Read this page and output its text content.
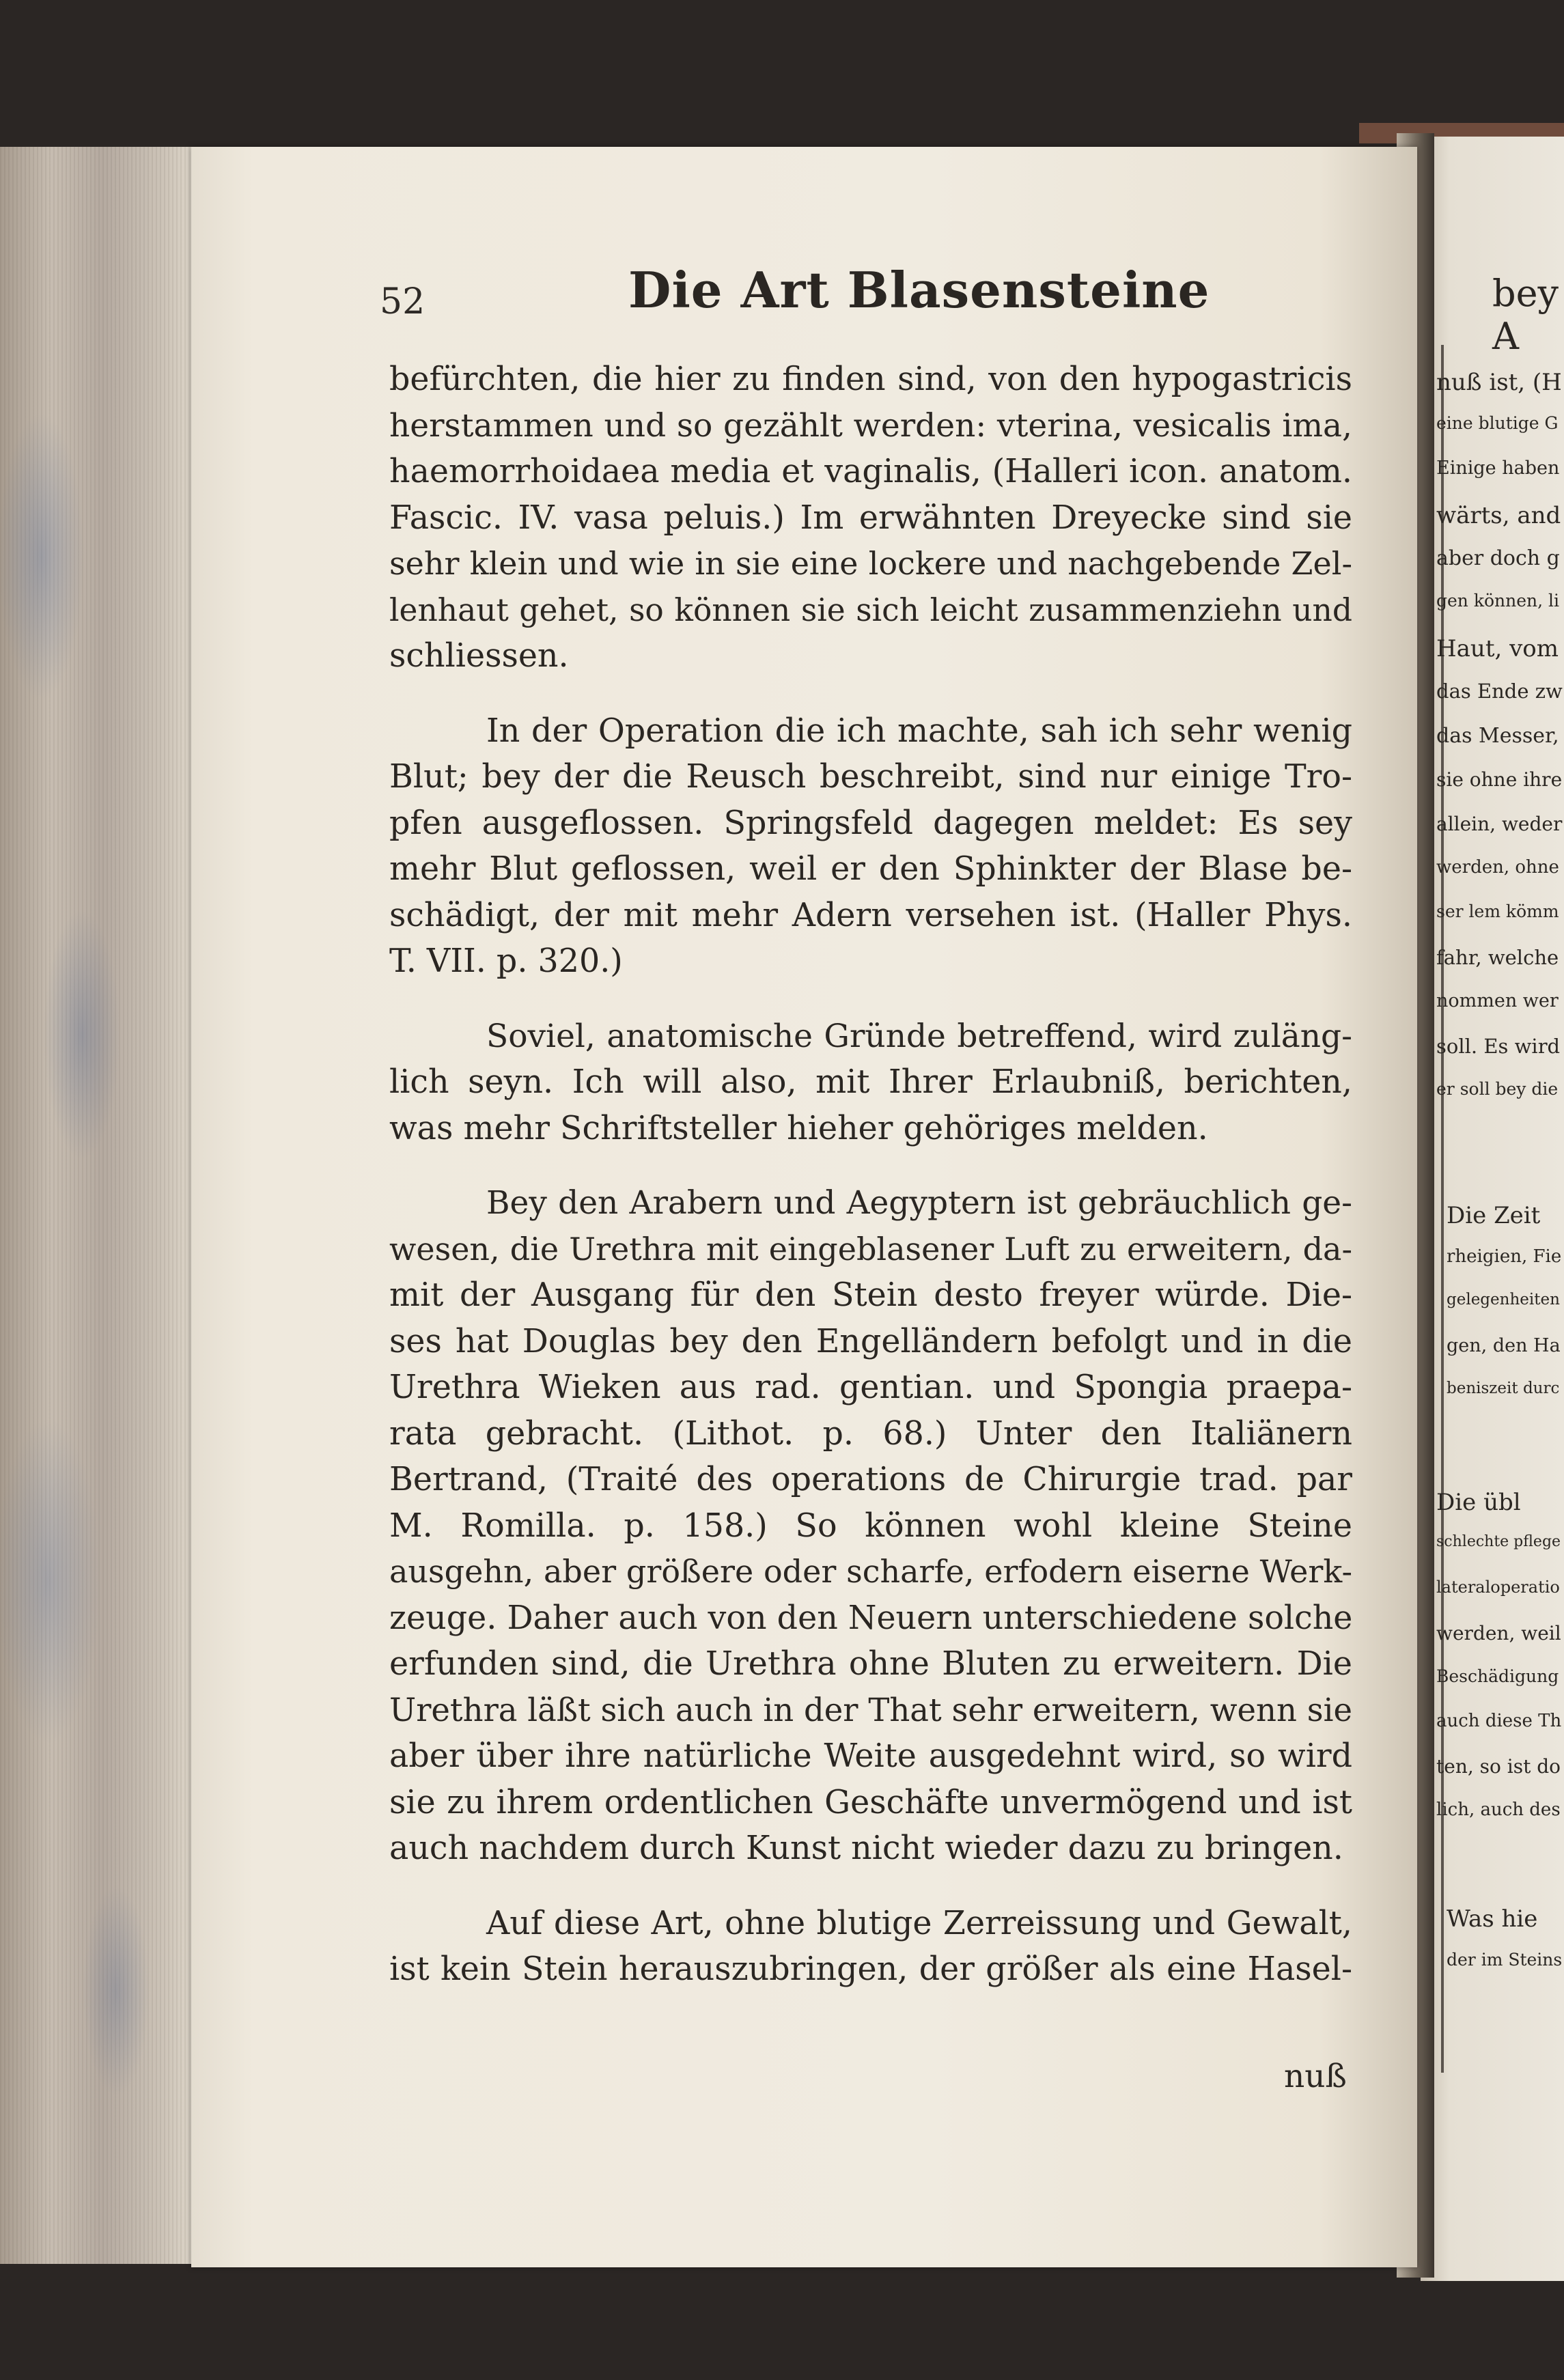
52	Die Art Blasensteine

befürchten, die hier zu finden sind, von den hypogastricis
herstammen und so gezählt werden: vterina, vesicalis ima,
haemorrhoidaea media et vaginalis, (Halleri icon. anatom.
Fascic. IV. vasa peluis.) Im erwähnten Dreyecke sind sie
sehr klein und wie in sie eine lockere und nachgebende Zel-
lenhaut gehet, so können sie sich leicht zusammenziehn und
schliessen.

In der Operation die ich machte, sah ich sehr wenig
Blut; bey der die Reusch beschreibt, sind nur einige Tro-
pfen ausgeflossen. Springsfeld dagegen meldet: Es sey
mehr Blut geflossen, weil er den Sphinkter der Blase be-
schädigt, der mit mehr Adern versehen ist. (Haller Phys.
T. VII. p. 320.)

Soviel, anatomische Gründe betreffend, wird zuläng-
lich seyn. Ich will also, mit Ihrer Erlaubniß, berichten,
was mehr Schriftsteller hieher gehöriges melden.

Bey den Arabern und Aegyptern ist gebräuchlich ge-
wesen, die Urethra mit eingeblasener Luft zu erweitern, da-
mit der Ausgang für den Stein desto freyer würde. Die-
ses hat Douglas bey den Engelländern befolgt und in die
Urethra Wieken aus rad. gentian. und Spongia praepa-
rata gebracht. (Lithot. p. 68.) Unter den Italiänern
Bertrand, (Traité des operations de Chirurgie trad. par
M. Romilla. p. 158.) So können wohl kleine Steine
ausgehn, aber größere oder scharfe, erfodern eiserne Werk-
zeuge. Daher auch von den Neuern unterschiedene solche
erfunden sind, die Urethra ohne Bluten zu erweitern. Die
Urethra läßt sich auch in der That sehr erweitern, wenn sie
aber über ihre natürliche Weite ausgedehnt wird, so wird
sie zu ihrem ordentlichen Geschäfte unvermögend und ist
auch nachdem durch Kunst nicht wieder dazu zu bringen.

Auf diese Art, ohne blutige Zerreissung und Gewalt,
ist kein Stein herauszubringen, der größer als eine Hasel-

nuß
bey A
nuß ist, (H
eine blutige G
Einige haben
wärts, and
aber doch g
gen können, li
Haut, vom
das Ende zw
das Messer,
sie ohne ihre
allein, weder
werden, ohne
ser lem kömm
fahr, welche
nommen wer
soll. Es wird
er soll bey die
Die Zeit
rheigien, Fie
gelegenheiten
gen, den Ha
beniszeit durc
Die übl
schlechte pflege
lateraloperatio
werden, weil
Beschädigung
auch diese Th
ten, so ist do
lich, auch des
Was hie
der im Steins
